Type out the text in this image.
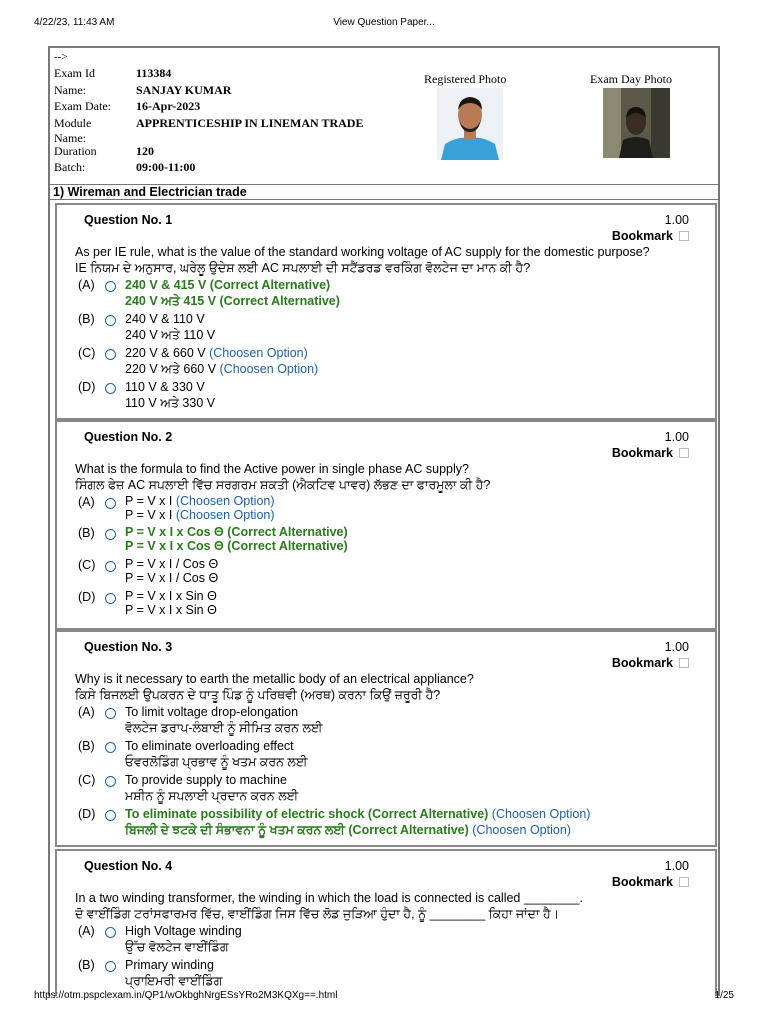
4/22/23, 11:43 AM	View Question Paper...
-->
Exam Id	113384
Name:	SANJAY KUMAR
Exam Date:	16-Apr-2023
Module Name:
APPRENTICESHIP IN LINEMAN TRADE
Duration	120
Batch:	09:00-11:00
Registered Photo	Exam Day Photo
1) Wireman and Electrician trade
Question No. 1	1.00
Bookmark
As per IE rule, what is the value of the standard working voltage of AC supply for the domestic purpose?
IE ਨਿਯਮ ਦੇ ਅਨੁਸਾਰ, ਘਰੇਲੂ ਉਦੇਸ਼ ਲਈ AC ਸਪਲਾਈ ਦੀ ਸਟੈਂਡਰਡ ਵਰਕਿੰਗ ਵੋਲਟੇਜ ਦਾ ਮਾਨ ਕੀ ਹੈ?
(A) 240 V & 415 V (Correct Alternative)
240 V ਅਤੇ 415 V (Correct Alternative)
(B) 240 V & 110 V
240 V ਅਤੇ 110 V
(C) 220 V & 660 V (Choosen Option)
220 V ਅਤੇ 660 V (Choosen Option)
(D) 110 V & 330 V
110 V ਅਤੇ 330 V
Question No. 2	1.00
Bookmark
What is the formula to find the Active power in single phase AC supply?
ਸਿੰਗਲ ਫੇਜ਼ AC ਸਪਲਾਈ ਵਿੱਚ ਸਰਗਰਮ ਸ਼ਕਤੀ (ਐਕਟਿਵ ਪਾਵਰ) ਲੱਭਣ ਦਾ ਫਾਰਮੂਲਾ ਕੀ ਹੈ?
(A) P = V x I (Choosen Option)
P = V x I (Choosen Option)
(B) P = V x I x Cos Θ (Correct Alternative)
P = V x I x Cos Θ (Correct Alternative)
(C) P = V x I / Cos Θ
P = V x I / Cos Θ
(D) P = V x I x Sin Θ
P = V x I x Sin Θ
Question No. 3	1.00
Bookmark
Why is it necessary to earth the metallic body of an electrical appliance?
ਕਿਸੇ ਬਿਜਲਈ ਉਪਕਰਨ ਦੇ ਧਾਤੂ ਪਿੰਡ ਨੂੰ ਪਰਿਥਵੀ (ਅਰਥ) ਕਰਨਾ ਕਿਉਂ ਜ਼ਰੂਰੀ ਹੈ?
(A) To limit voltage drop-elongation
ਵੋਲਟੇਜ ਡਰਾਪ-ਲੰਬਾਈ ਨੂੰ ਸੀਮਿਤ ਕਰਨ ਲਈ
(B) To eliminate overloading effect
ਓਵਰਲੋਡਿੰਗ ਪ੍ਰਭਾਵ ਨੂੰ ਖਤਮ ਕਰਨ ਲਈ
(C) To provide supply to machine
ਮਸ਼ੀਨ ਨੂੰ ਸਪਲਾਈ ਪ੍ਰਦਾਨ ਕਰਨ ਲਈ
(D) To eliminate possibility of electric shock (Correct Alternative) (Choosen Option)
ਬਿਜਲੀ ਦੇ ਝਟਕੇ ਦੀ ਸੰਭਾਵਨਾ ਨੂੰ ਖਤਮ ਕਰਨ ਲਈ (Correct Alternative) (Choosen Option)
Question No. 4	1.00
Bookmark
In a two winding transformer, the winding in which the load is connected is called ________.
ਦੋ ਵਾਈਂਡਿੰਗ ਟਰਾਂਸਫਾਰਮਰ ਵਿੱਚ, ਵਾਈਂਡਿੰਗ ਜਿਸ ਵਿੱਚ ਲੋਡ ਜੁੜਿਆ ਹੁੰਦਾ ਹੈ, ਨੂੰ ________ ਕਿਹਾ ਜਾਂਦਾ ਹੈ।
(A) High Voltage winding
ਉੱਚ ਵੋਲਟੇਜ ਵਾਈਂਡਿੰਗ
(B) Primary winding
ਪ੍ਰਾਇਮਰੀ ਵਾਈਂਡਿੰਗ
https://otm.pspclexam.in/QP1/wOkbghNrgESsYRo2M3KQXg==.html	1/25
